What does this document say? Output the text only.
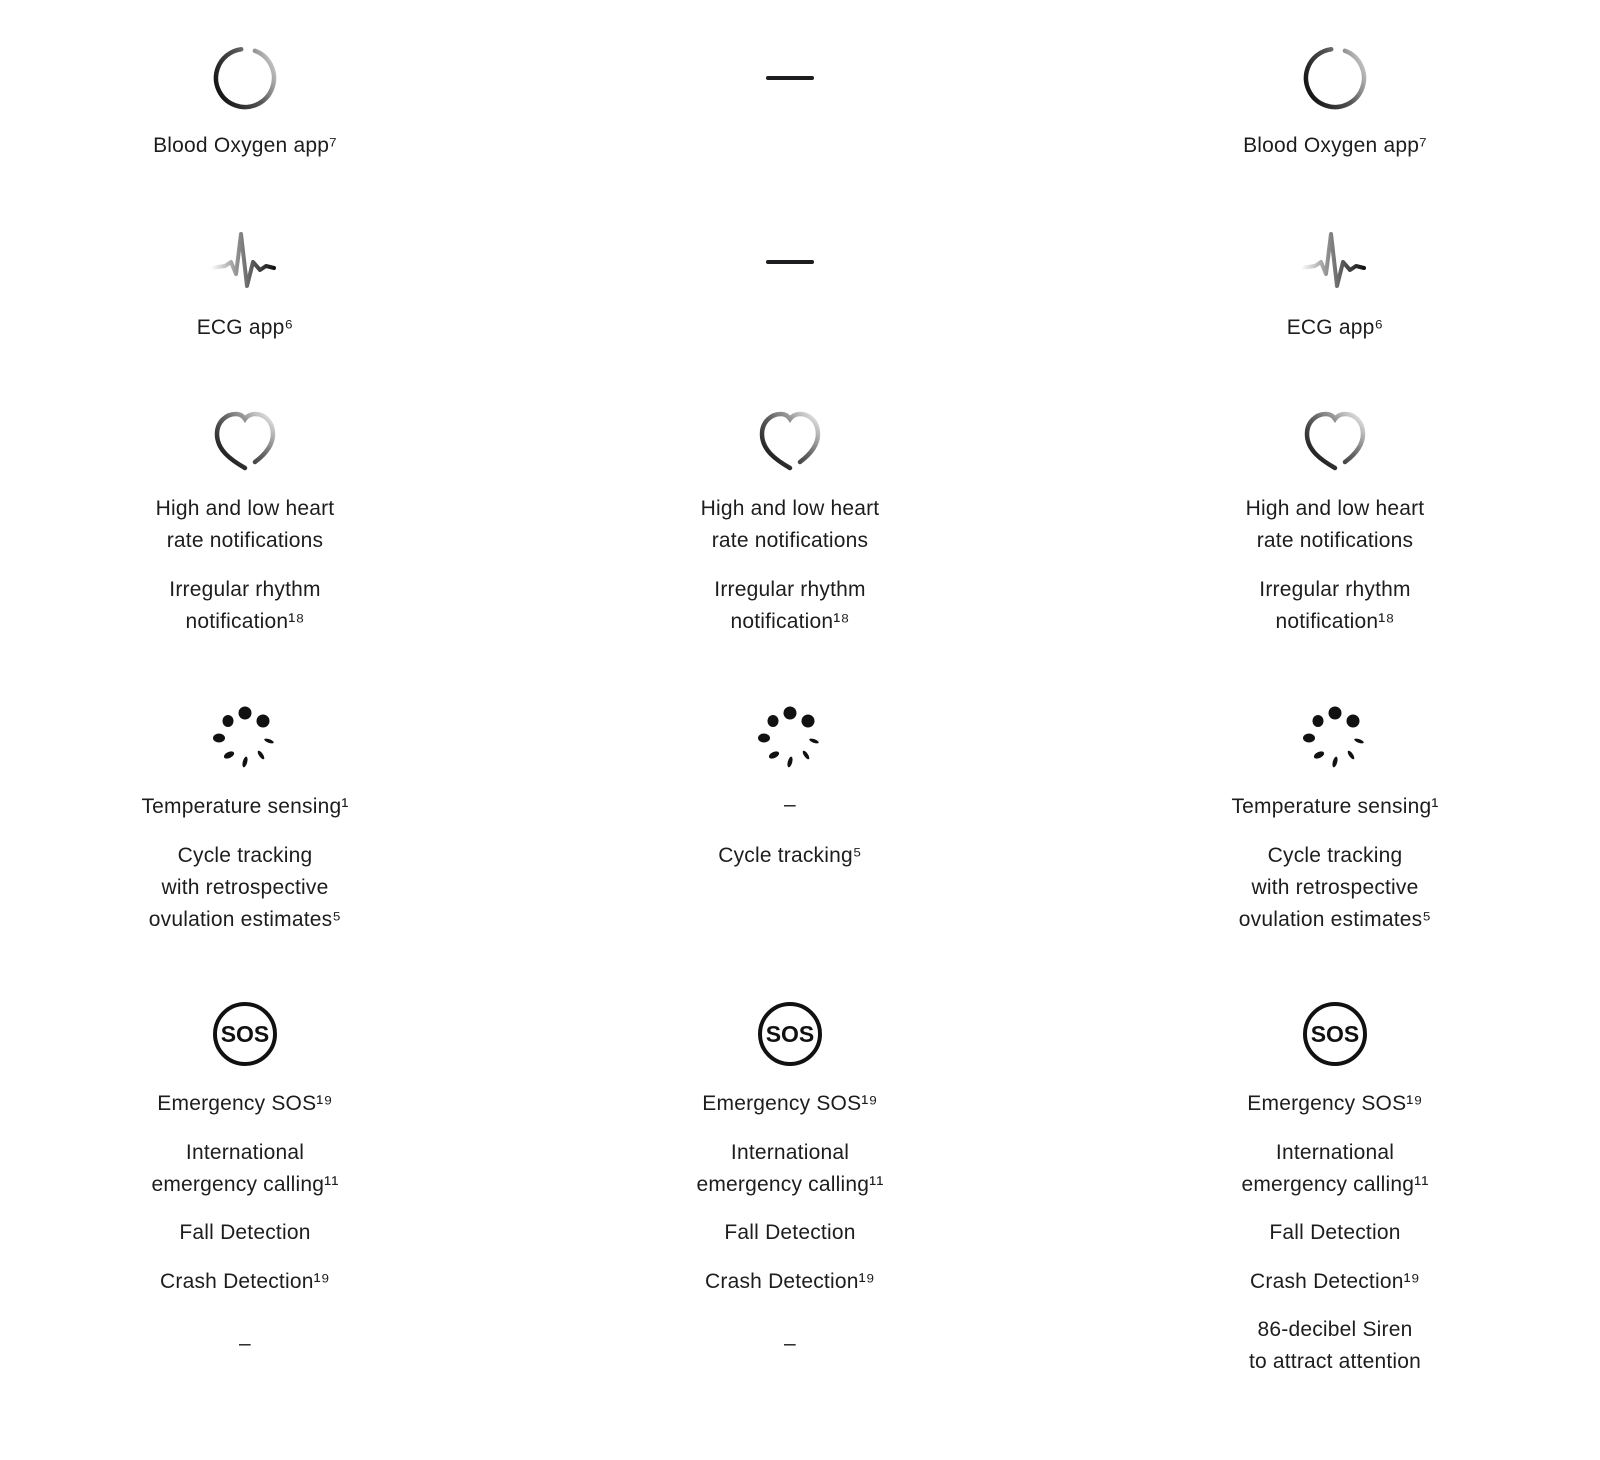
Blood Oxygen app⁷
ECG app⁶
High and low heart
rate notifications
Irregular rhythm
notification¹⁸
Temperature sensing¹
Cycle tracking
with retrospective
ovulation estimates⁵
SOS
Emergency SOS¹⁹
International
emergency calling¹¹
Fall Detection
Crash Detection¹⁹
–
High and low heart
rate notifications
Irregular rhythm
notification¹⁸
–
Cycle tracking⁵
SOS
Emergency SOS¹⁹
International
emergency calling¹¹
Fall Detection
Crash Detection¹⁹
–
Blood Oxygen app⁷
ECG app⁶
High and low heart
rate notifications
Irregular rhythm
notification¹⁸
Temperature sensing¹
Cycle tracking
with retrospective
ovulation estimates⁵
SOS
Emergency SOS¹⁹
International
emergency calling¹¹
Fall Detection
Crash Detection¹⁹
86-decibel Siren
to attract attention
